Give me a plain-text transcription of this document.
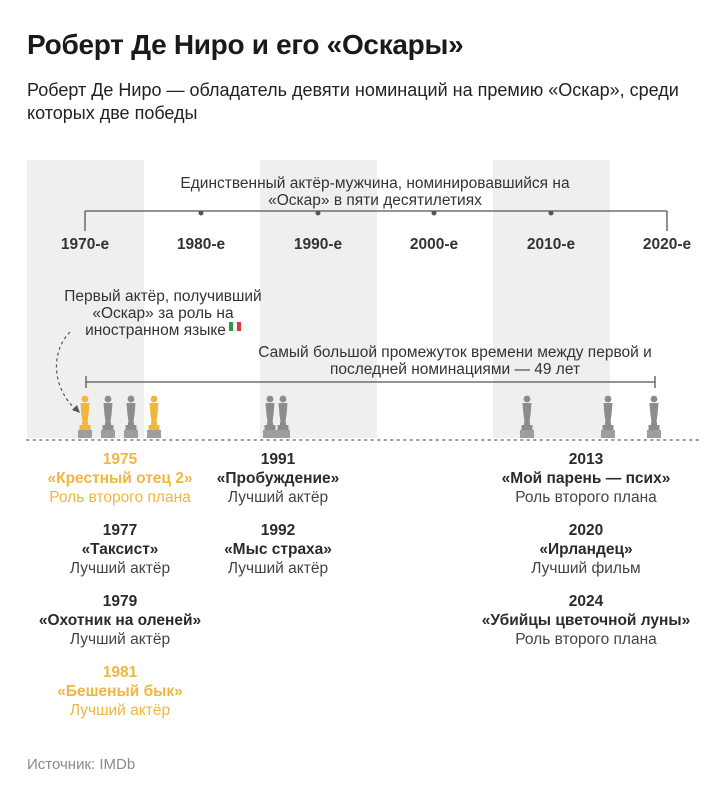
Роберт Де Ниро и его «Оскары»

Роберт Де Ниро — обладатель девяти номинаций на премию «Оскар», среди которых две победы

1970-е	1980-е	1990-е	2000-е	2010-е	2020-е
Единственный актёр-мужчина, номинировавшийся на «Оскар» в пяти десятилетиях
Первый актёр, получивший «Оскар» за роль на иностранном языке
Самый большой промежуток времени между первой и последней номинациями — 49 лет
1975
«Крестный отец 2»
Роль второго плана
1977
«Таксист»
Лучший актёр
1979
«Охотник на оленей»
Лучший актёр
1981
«Бешеный бык»
Лучший актёр
1991
«Пробуждение»
Лучший актёр
1992
«Мыс страха»
Лучший актёр
2013
«Мой парень — псих»
Роль второго плана
2020
«Ирландец»
Лучший фильм
2024
«Убийцы цветочной луны»
Роль второго плана
Источник: IMDb
